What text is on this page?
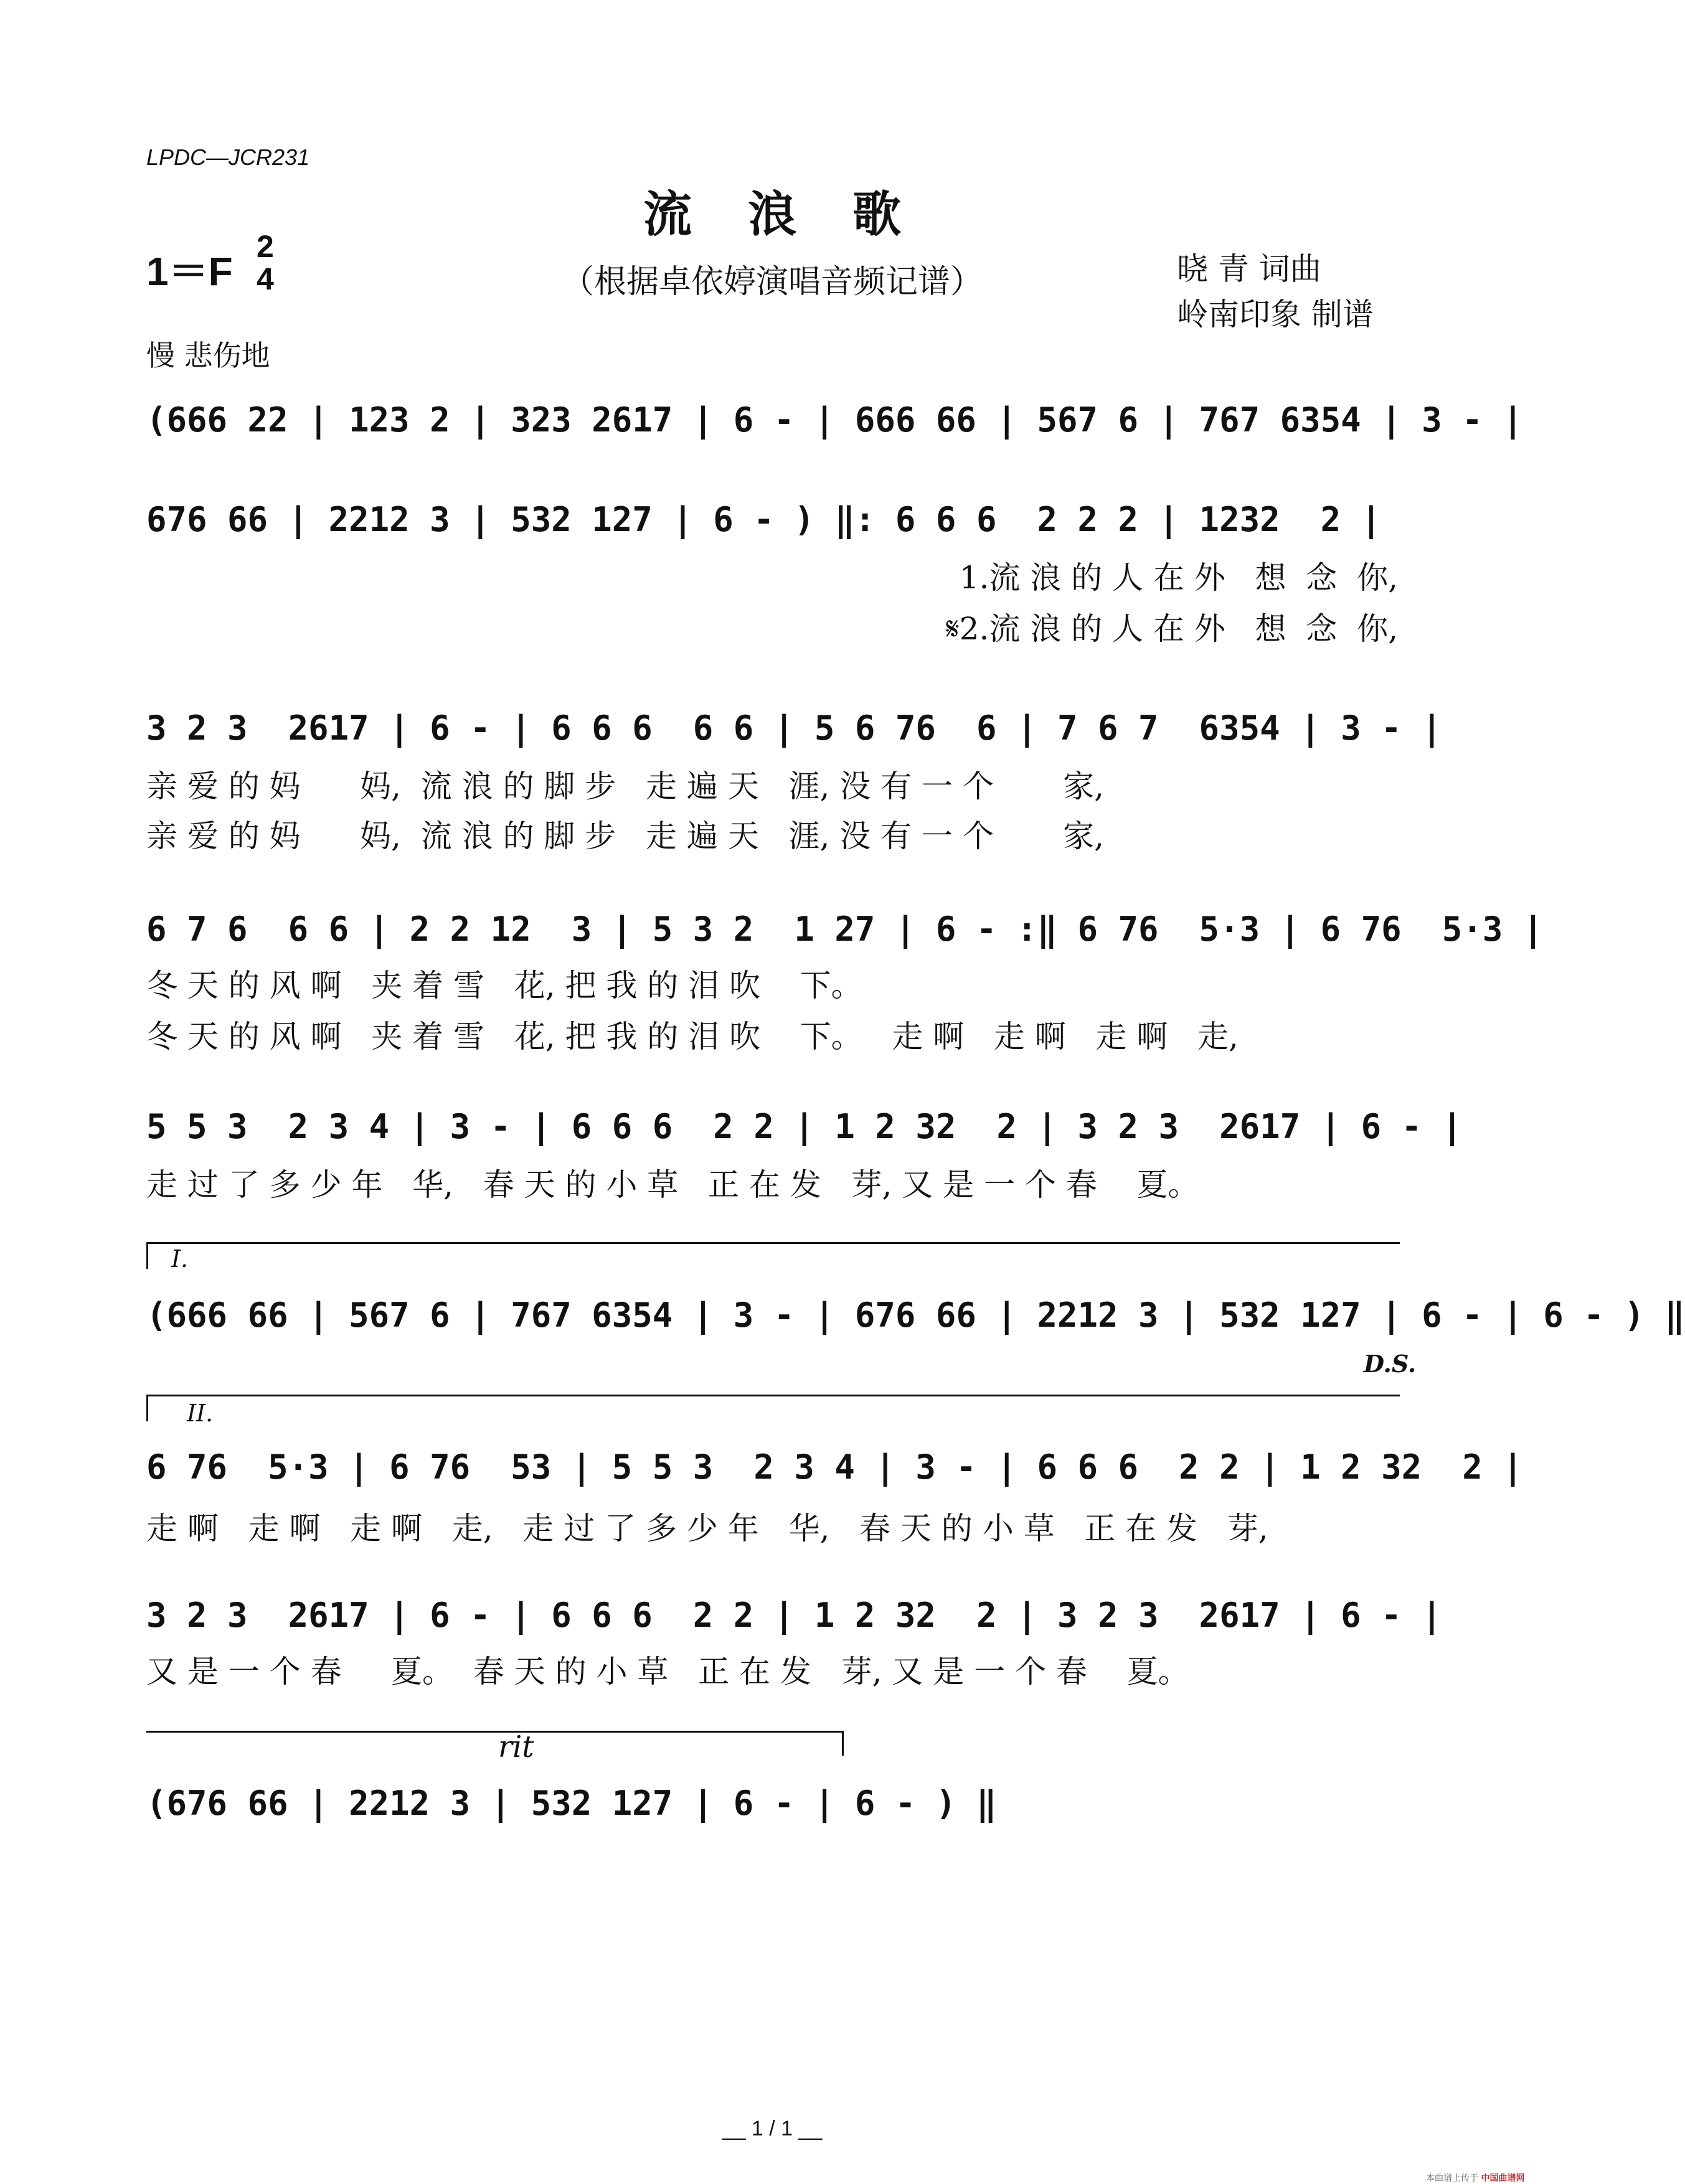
LPDC—JCR231
流浪歌
（根据卓依婷演唱音频记谱）
1＝F
2
4	晓 青 词曲
岭南印象 制谱
慢 悲伤地
(666 22 | 123 2 | 323 2617 | 6 - | 666 66 | 567 6 | 767 6354 | 3 - |
676 66 | 2212 3 | 532 127 | 6 - ) ‖: 6 6 6  2 2 2 | 1232  2 |
1.流 浪 的 人 在 外   想  念  你,
𝄋2.流 浪 的 人 在 外   想  念  你,
3 2 3  2617 | 6 - | 6 6 6  6 6 | 5 6 76  6 | 7 6 7  6354 | 3 - |
亲 爱 的 妈      妈,  流 浪 的 脚 步   走 遍 天   涯, 没 有 一 个       家,
亲 爱 的 妈      妈,  流 浪 的 脚 步   走 遍 天   涯, 没 有 一 个       家,
6 7 6  6 6 | 2 2 12  3 | 5 3 2  1 27 | 6 - :‖ 6 76  5·3 | 6 76  5·3 |
冬 天 的 风 啊   夹 着 雪   花, 把 我 的 泪 吹    下。
冬 天 的 风 啊   夹 着 雪   花, 把 我 的 泪 吹    下。   走 啊   走 啊   走 啊   走,
5 5 3  2 3 4 | 3 - | 6 6 6  2 2 | 1 2 32  2 | 3 2 3  2617 | 6 - |
走 过 了 多 少 年   华,   春 天 的 小 草   正 在 发   芽, 又 是 一 个 春    夏。
I.
(666 66 | 567 6 | 767 6354 | 3 - | 676 66 | 2212 3 | 532 127 | 6 - | 6 - ) ‖
D.S.
II.
6 76  5·3 | 6 76  53 | 5 5 3  2 3 4 | 3 - | 6 6 6  2 2 | 1 2 32  2 |
走 啊   走 啊   走 啊   走,   走 过 了 多 少 年   华,   春 天 的 小 草   正 在 发   芽,
3 2 3  2617 | 6 - | 6 6 6  2 2 | 1 2 32  2 | 3 2 3  2617 | 6 - |
又 是 一 个 春     夏。  春 天 的 小 草   正 在 发   芽, 又 是 一 个 春    夏。
rit
(676 66 | 2212 3 | 532 127 | 6 - | 6 - ) ‖
__ 1 / 1 __
本曲谱上传于 中国曲谱网
